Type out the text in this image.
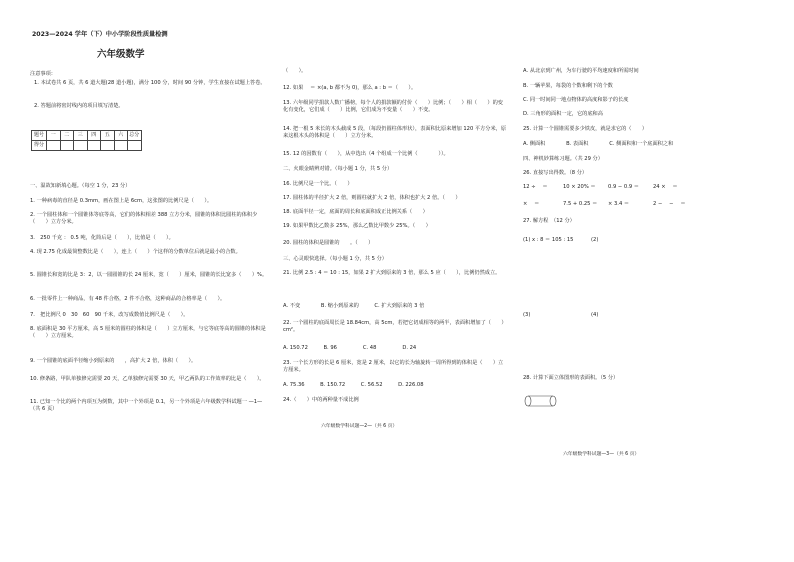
2023—2024 学年（下）中小学阶段性质量检测
六年级数学
注意事项：
1. 本试卷共 6 页，共 6 道大题(28 道小题)，满分 100 分，时间 90 分钟，学生直接在试题上答卷。
2. 答题前将密封线内的项目填写清楚。
题号	一	二	三	四	五	六	总分
得分							
一、温故知新填心题。（每空 1 分，23 分）
1. 一种病毒的直径是 0.3mm，画在图上是 6cm，这张图的比例尺是（　　）。
2. 一个圆柱体和一个圆锥体等底等高，它们的体积相差 388 立方分米，圆锥的体积比圆柱的体积少（　　）立方分米。
3.　250 千克 ： 0.5 吨，化简后是（　　），比值是（　　）。
4. 现 2.75 化成最简整数比是（　　），连上（　　）个这样的分数单位后就是最小的合数。
5. 圆锥长和宽的比是 3：2，以一圆圆锥的长 24 厘米，宽（　　）厘米，圆锥的长比宽多（　　）%。
6. 一批零件上一种商品，有 48 件合格，2 件不合格，这种商品的合格率是（　　）。
7.　把比例尺 0　30　60　90 千米，改写成数值比例尺是（　　）。
8. 底面积是 30 平方厘米，高 5 厘米的圆柱的体积是（　　）立方厘米，与它等底等高的圆锥的体积是（　　）立方厘米。
9. 一个圆锥的底面半径缩小到原来的　　，高扩大 2 倍，体积（　　）。
10. 修条路，甲队单独修完需要 20 天，乙单独修完需要 30 天，甲乙两队的工作效率的比是（　　）。
11. 已知一个比的两个内项互为倒数，其中一个外项是 0.1，另一个外项是六年级数学科试题一 —1—（共 6 页）
（　　）。
12. 如果　 ＝ ×(a, b 都不为 0)，那么 a : b ＝（　　）。
13. 六年级同学捐款人数广播榜，每个人的捐款额的付价（　　）比例；（　　）相（　　）的变化有变化，它们成（　　）比例，它们成为不变量（　　）不变。
14. 把一根 5 米长的木头截成 5 段，（每段仍圆柱体形状），表面积比原来增加 120 平方分米，原来这根木头的体积是（　　）立方分米。
15. 12 的因数有（　　），从中选出（4 个组成一个比例（　　　　））。
二、火眼金睛辨对错。（每小题 1 分，共 5 分）
16. 比例尺是一个比。（　　）
17. 圆柱体的半径扩大 2 倍，则圆柱就扩大 2 倍，体积也扩大 2 倍。（　　）
18. 底面半径一定，底面的周长和底面积成正比例关系（　　）
19. 如果甲数比乙数多 25%，那么乙数比甲数少 25%。（　　）
20. 圆柱的体积是圆锥的　　。（　　）
三、心灵眼快选择。（每小题 1 分，共 5 分）
21. 比例 2.5 : 4 ＝ 10 : 15，如果 2 扩大到原来的 3 倍，那么 5 应（　　），比例仍然成立。
A. 不变　　　　B. 缩小到原来的　　　C. 扩大到原来的 3 倍
22. 一个圆柱的底面周长是 18.84cm，高 5cm，若把它切成相等的两半，表面积增加了（　　）cm²。
A. 150.72　　　B. 96　　　　　C. 48　　　　　D. 24
23. 一个长方形的长是 6 厘米，宽是 2 厘米，以它的长为轴旋转一周所得到的体积是（　　）立方厘米。
A. 75.36　　　B. 150.72　　　C. 56.52　　　D. 226.08
24.（　　）中的两种量不成比例
六年级数学科试题—2—（共 6 页）
A. 从北京到广州，为车行驶的平均速度和所需时间
B. 一辆苹果，每袋的个数和剩下的个数
C. 同一时间同一地点物体的高度和影子的长度
D. 三角形的面积一定，它的底和高
25. 计算一个圆锥需要多少铁皮，就是求它的（　　）
A. 侧面积　　　　B. 表面积　　　　C. 侧面积和一个底面积之和
四、神机妙算练习题。（共 29 分）
26. 直接写出得数。（8 分）
12 ÷ 　＝	10 × 20% ＝ 0.9 − 0.9 ＝	24 × 　＝
× 　＝	7.5 + 0.25 ＝ × 3.4 ＝	2 − 　− 　＝
27. 解方程　（12 分）
(1) x : 8 ＝ 105 : 15	(2)
(3)	(4)
28. 计算下面立体图形的表面积。（5 分）
六年级数学科试题—3—（共 6 页）
